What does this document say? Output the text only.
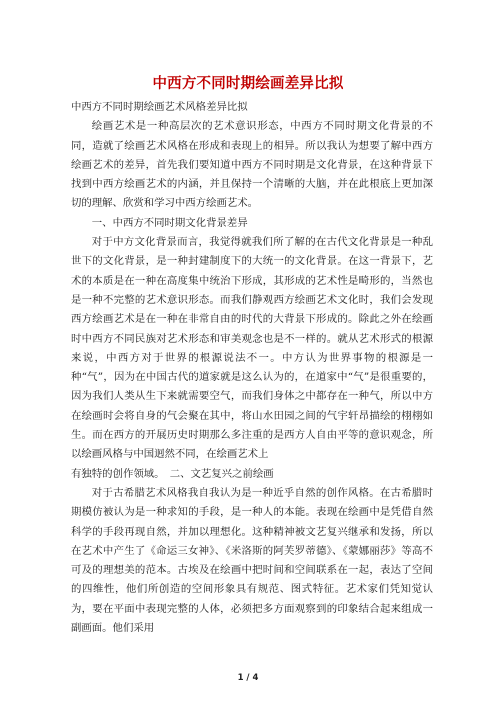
中西方不同时期绘画差异比拟

中西方不同时期绘画艺术风格差异比拟

绘画艺术是一种高层次的艺术意识形态，中西方不同时期文化背景的不同，造就了绘画艺术风格在形成和表现上的相异。所以我认为想要了解中西方绘画艺术的差异，首先我们要知道中西方不同时期是文化背景，在这种背景下找到中西方绘画艺术的内涵，并且保持一个清晰的大脑，并在此根底上更加深切的理解、欣赏和学习中西方绘画艺术。

一、中西方不同时期文化背景差异

对于中方文化背景而言，我觉得就我们所了解的在古代文化背景是一种乱世下的文化背景，是一种封建制度下的大统一的文化背景。在这一背景下，艺术的本质是在一种在高度集中统治下形成，其形成的艺术性是畸形的，当然也是一种不完整的艺术意识形态。而我们静观西方绘画艺术文化时，我们会发现西方绘画艺术是在一种在非常自由的时代的大背景下形成的。除此之外在绘画时中西方不同民族对艺术形态和审美观念也是不一样的。就从艺术形式的根源来说，中西方对于世界的根源说法不一。中方认为世界事物的根源是一种“气”，因为在中国古代的道家就是这么认为的，在道家中“气”是很重要的，因为我们人类从生下来就需要空气，而我们身体之中都存在一种气，所以中方在绘画时会将自身的气会聚在其中，将山水田园之间的气宇轩昂描绘的栩栩如生。而在西方的开展历史时期那么多注重的是西方人自由平等的意识观念，所以绘画风格与中国迥然不同，在绘画艺术上

有独特的创作领域。　二、文艺复兴之前绘画

对于古希腊艺术风格我自我认为是一种近乎自然的创作风格。在古希腊时期模仿被认为是一种求知的手段，是一种人的本能。表现在绘画中是凭借自然科学的手段再现自然，并加以理想化。这种精神被文艺复兴继承和发扬，所以在艺术中产生了《命运三女神》、《米洛斯的阿芙罗蒂德》、《蒙娜丽莎》等高不可及的理想美的范本。古埃及在绘画中把时间和空间联系在一起，表达了空间的四维性，他们所创造的空间形象具有规范、图式特征。艺术家们凭知觉认为，要在平面中表现完整的人体，必须把多方面观察到的印象结合起来组成一副画面。他们采用

1 / 4
